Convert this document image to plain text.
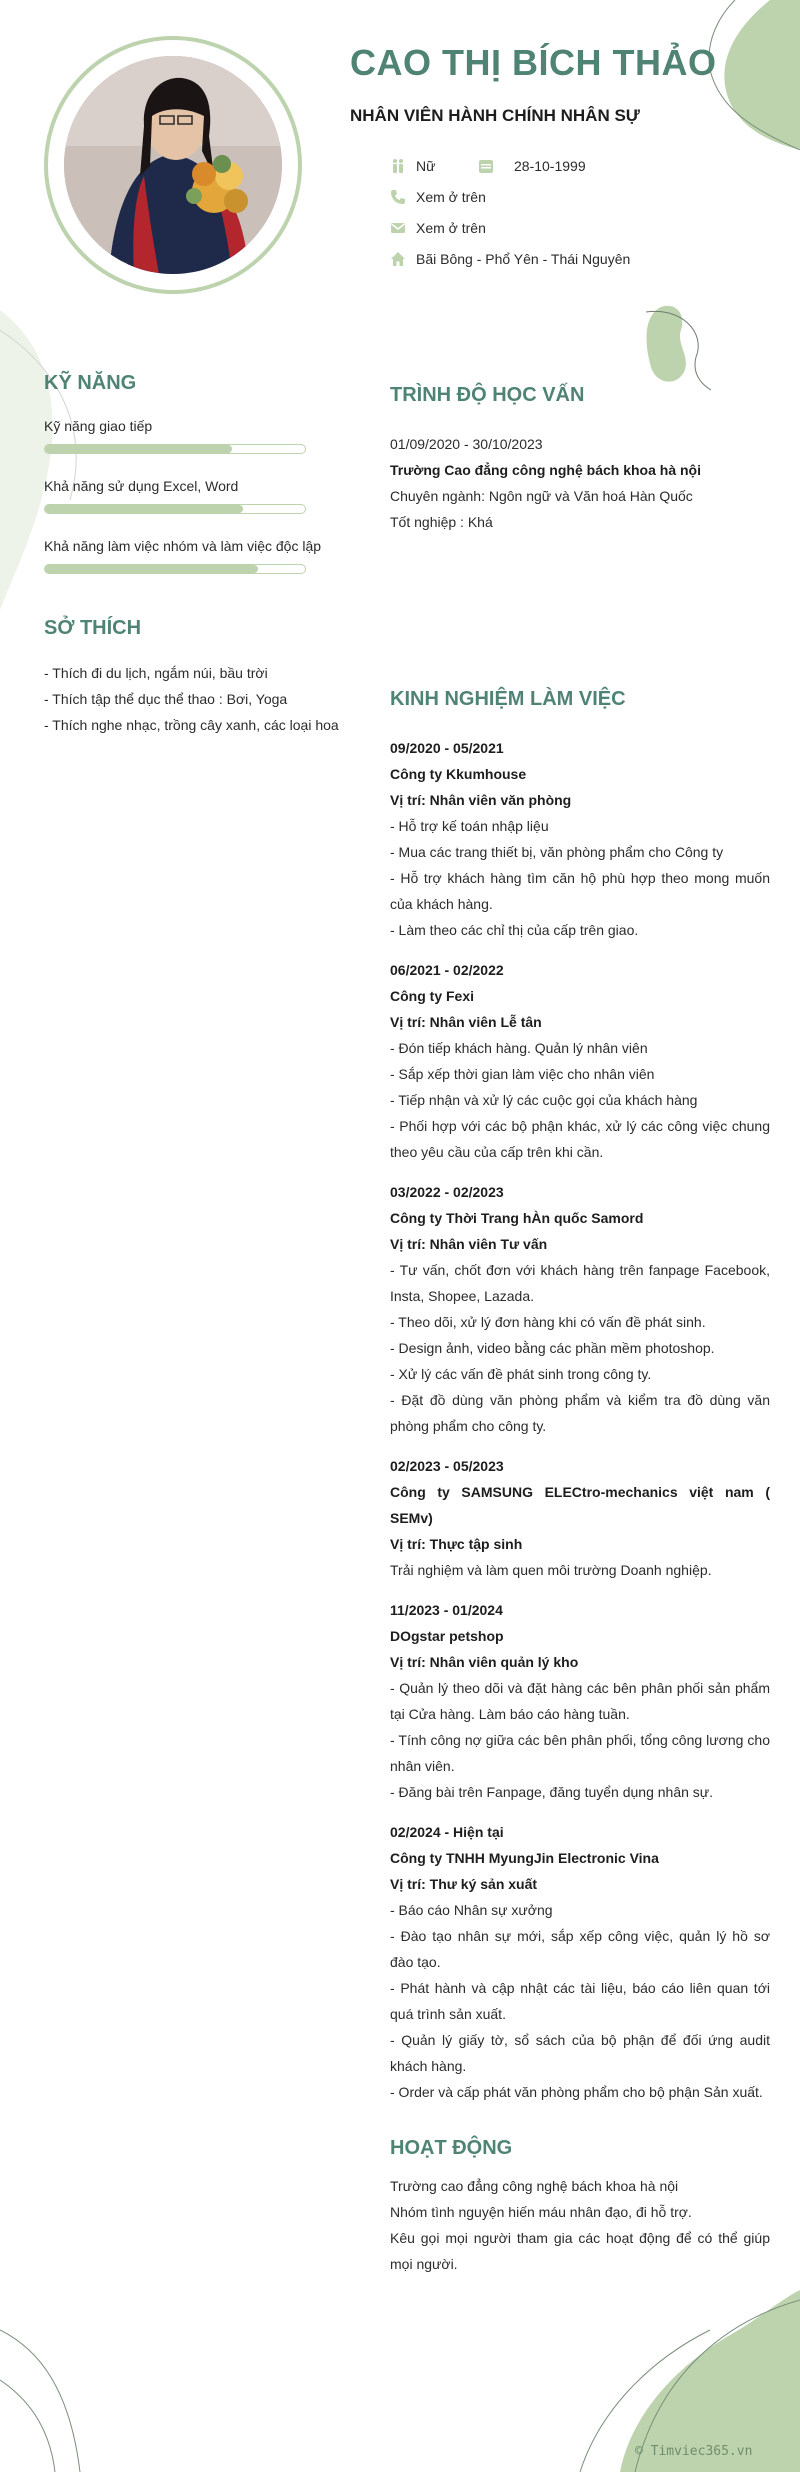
CAO THỊ BÍCH THẢO
NHÂN VIÊN HÀNH CHÍNH NHÂN SỰ
Nữ	28-10-1999
Xem ở trên
Xem ở trên
Bãi Bông - Phổ Yên - Thái Nguyên
KỸ NĂNG
Kỹ năng giao tiếp
Khả năng sử dụng Excel, Word
Khả năng làm việc nhóm và làm việc độc lập
SỞ THÍCH
- Thích đi du lịch, ngắm núi, bầu trời
- Thích tập thể dục thể thao : Bơi, Yoga
- Thích nghe nhạc, trồng cây xanh, các loại hoa
TRÌNH ĐỘ HỌC VẤN
01/09/2020 - 30/10/2023
Trường Cao đẳng công nghệ bách khoa hà nội
Chuyên ngành: Ngôn ngữ và Văn hoá Hàn Quốc
Tốt nghiệp : Khá
KINH NGHIỆM LÀM VIỆC
09/2020 - 05/2021
Công ty Kkumhouse
Vị trí: Nhân viên văn phòng
- Hỗ trợ kế toán nhập liệu
- Mua các trang thiết bị, văn phòng phẩm cho Công ty
- Hỗ trợ khách hàng tìm căn hộ phù hợp theo mong muốn của khách hàng.
- Làm theo các chỉ thị của cấp trên giao.
06/2021 - 02/2022
Công ty Fexi
Vị trí: Nhân viên Lễ tân
- Đón tiếp khách hàng. Quản lý nhân viên
- Sắp xếp thời gian làm việc cho nhân viên
- Tiếp nhận và xử lý các cuộc gọi của khách hàng
- Phối hợp với các bộ phận khác, xử lý các công việc chung theo yêu cầu của cấp trên khi cần.
03/2022 - 02/2023
Công ty Thời Trang hÀn quốc Samord
Vị trí: Nhân viên Tư vấn
- Tư vấn, chốt đơn với khách hàng trên fanpage Facebook, Insta, Shopee, Lazada.
- Theo dõi, xử lý đơn hàng khi có vấn đề phát sinh.
- Design ảnh, video bằng các phần mềm photoshop.
- Xử lý các vấn đề phát sinh trong công ty.
- Đặt đồ dùng văn phòng phẩm và kiểm tra đồ dùng văn phòng phẩm cho công ty.
02/2023 - 05/2023
Công ty SAMSUNG ELECtro-mechanics việt nam ( SEMv)
Vị trí: Thực tập sinh
Trải nghiệm và làm quen môi trường Doanh nghiệp.
11/2023 - 01/2024
DOgstar petshop
Vị trí: Nhân viên quản lý kho
- Quản lý theo dõi và đặt hàng các bên phân phối sản phẩm tại Cửa hàng. Làm báo cáo hàng tuần.
- Tính công nợ giữa các bên phân phối, tổng công lương cho nhân viên.
- Đăng bài trên Fanpage, đăng tuyển dụng nhân sự.
02/2024 - Hiện tại
Công ty TNHH MyungJin Electronic Vina
Vị trí: Thư ký sản xuất
- Báo cáo Nhân sự xưởng
- Đào tạo nhân sự mới, sắp xếp công việc, quản lý hồ sơ đào tạo.
- Phát hành và cập nhật các tài liệu, báo cáo liên quan tới quá trình sản xuất.
- Quản lý giấy tờ, sổ sách của bộ phận để đối ứng audit khách hàng.
- Order và cấp phát văn phòng phẩm cho bộ phận Sản xuất.
HOẠT ĐỘNG
Trường cao đẳng công nghệ bách khoa hà nội
Nhóm tình nguyện hiến máu nhân đạo, đi hỗ trợ.
Kêu gọi mọi người tham gia các hoạt động để có thể giúp mọi người.
© Timviec365.vn
